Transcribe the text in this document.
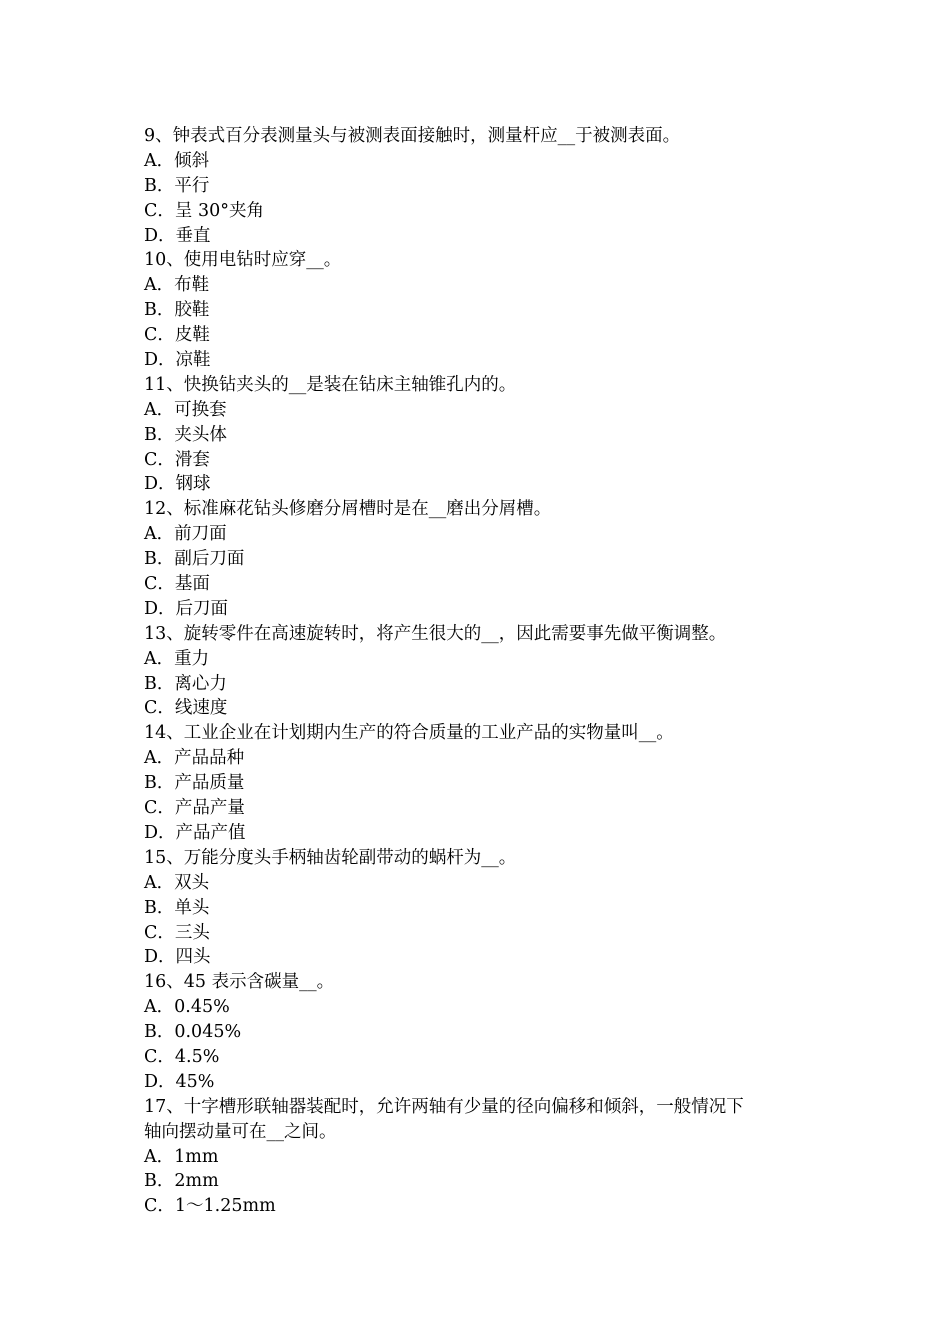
9、钟表式百分表测量头与被测表面接触时，测量杆应__于被测表面。
A．倾斜
B．平行
C．呈 30°夹角
D．垂直
10、使用电钻时应穿__。
A．布鞋
B．胶鞋
C．皮鞋
D．凉鞋
11、快换钻夹头的__是装在钻床主轴锥孔内的。
A．可换套
B．夹头体
C．滑套
D．钢球
12、标准麻花钻头修磨分屑槽时是在__磨出分屑槽。
A．前刀面
B．副后刀面
C．基面
D．后刀面
13、旋转零件在高速旋转时，将产生很大的__，因此需要事先做平衡调整。
A．重力
B．离心力
C．线速度
14、工业企业在计划期内生产的符合质量的工业产品的实物量叫__。
A．产品品种
B．产品质量
C．产品产量
D．产品产值
15、万能分度头手柄轴齿轮副带动的蜗杆为__。
A．双头
B．单头
C．三头
D．四头
16、45 表示含碳量__。
A．0.45%
B．0.045%
C．4.5%
D．45%
17、十字槽形联轴器装配时，允许两轴有少量的径向偏移和倾斜，一般情况下
轴向摆动量可在__之间。
A．1mm
B．2mm
C．1～1.25mm
